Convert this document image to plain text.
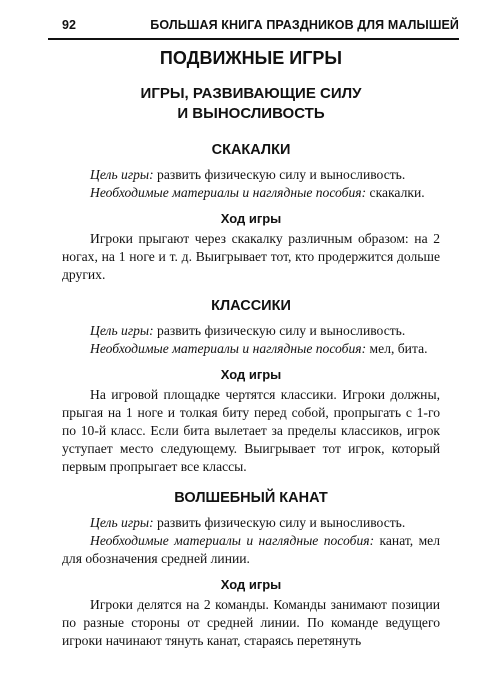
92	БОЛЬШАЯ КНИГА ПРАЗДНИКОВ ДЛЯ МАЛЫШЕЙ
ПОДВИЖНЫЕ ИГРЫ
ИГРЫ, РАЗВИВАЮЩИЕ СИЛУ
И ВЫНОСЛИВОСТЬ
СКАКАЛКИ

Цель игры: развить физическую силу и выносливость.

Необходимые материалы и наглядные пособия: скакалки.

Ход игры

Игроки прыгают через скакалку различным образом: на 2 ногах, на 1 ноге и т. д. Выигрывает тот, кто продержится дольше других.

КЛАССИКИ

Цель игры: развить физическую силу и выносливость.

Необходимые материалы и наглядные пособия: мел, бита.

Ход игры

На игровой площадке чертятся классики. Игроки должны, прыгая на 1 ноге и толкая биту перед собой, пропрыгать с 1-го по 10-й класс. Если бита вылетает за пределы классиков, игрок уступает место следующему. Выигрывает тот игрок, который первым пропрыгает все классы.

ВОЛШЕБНЫЙ КАНАТ

Цель игры: развить физическую силу и выносливость.

Необходимые материалы и наглядные пособия: канат, мел для обозначения средней линии.

Ход игры

Игроки делятся на 2 команды. Команды занимают позиции по разные стороны от средней линии. По команде ведущего игроки начинают тянуть канат, стараясь перетянуть
